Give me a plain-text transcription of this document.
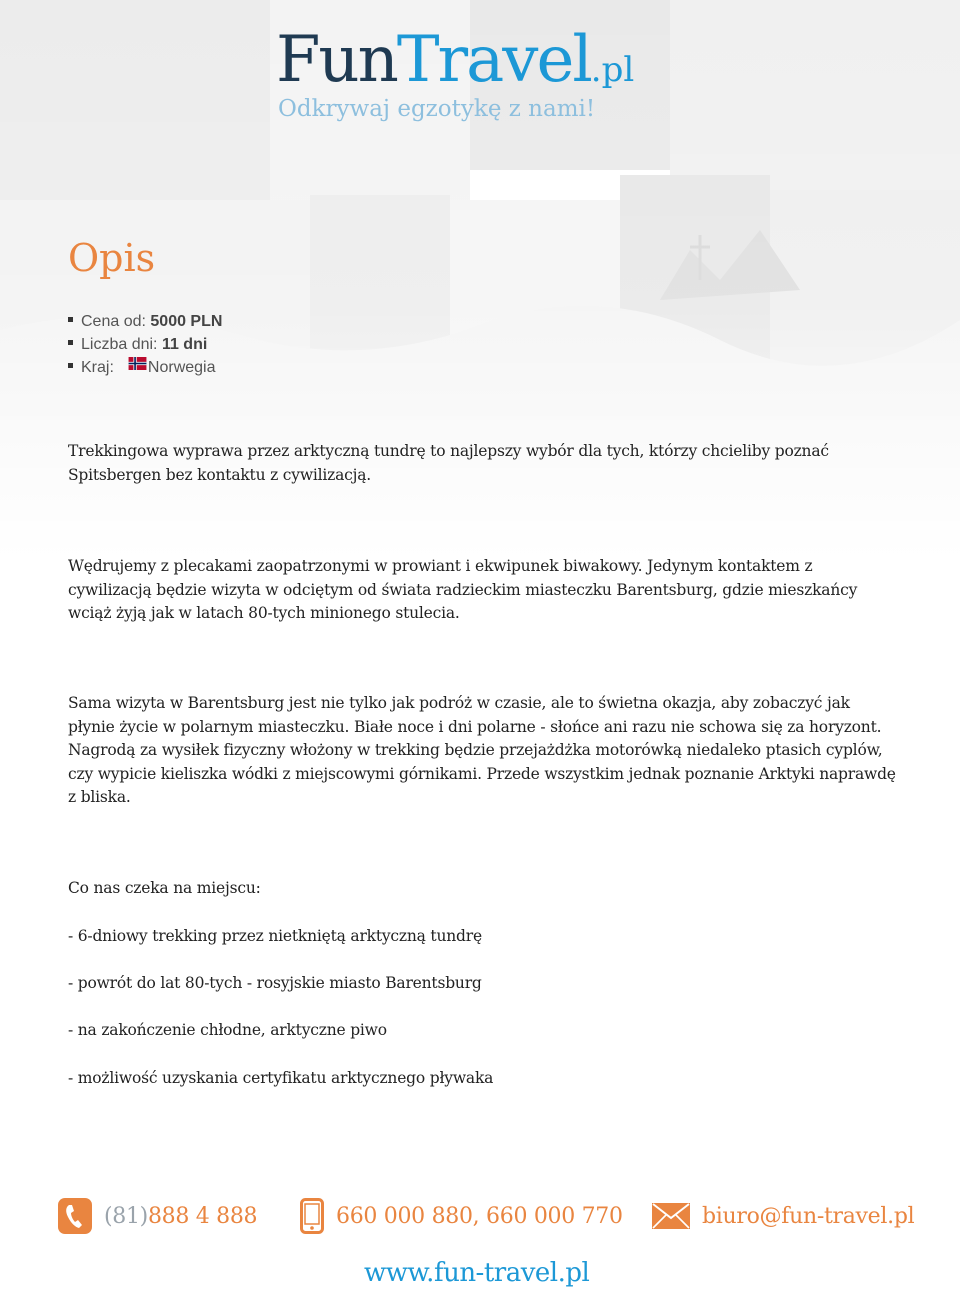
FunTravel.pl
Odkrywaj egzotykę z nami!
Opis
Cena od: 5000 PLN
Liczba dni: 11 dni
Kraj: Norwegia

Trekkingowa wyprawa przez arktyczną tundrę to najlepszy wybór dla tych, którzy chcieliby poznać Spitsbergen bez kontaktu z cywilizacją.

Wędrujemy z plecakami zaopatrzonymi w prowiant i ekwipunek biwakowy. Jedynym kontaktem z cywilizacją będzie wizyta w odciętym od świata radzieckim miasteczku Barentsburg, gdzie mieszkańcy wciąż żyją jak w latach 80-tych minionego stulecia.

Sama wizyta w Barentsburg jest nie tylko jak podróż w czasie, ale to świetna okazja, aby zobaczyć jak płynie życie w polarnym miasteczku. Białe noce i dni polarne - słońce ani razu nie schowa się za horyzont. Nagrodą za wysiłek fizyczny włożony w trekking będzie przejażdżka motorówką niedaleko ptasich cyplów, czy wypicie kieliszka wódki z miejscowymi górnikami. Przede wszystkim jednak poznanie Arktyki naprawdę z bliska.

Co nas czeka na miejscu:

- 6-dniowy trekking przez nietkniętą arktyczną tundrę

- powrót do lat 80-tych - rosyjskie miasto Barentsburg

- na zakończenie chłodne, arktyczne piwo

- możliwość uzyskania certyfikatu arktycznego pływaka

(81) 888 4 888	660 000 880, 660 000 770	biuro@fun-travel.pl
www.fun-travel.pl
